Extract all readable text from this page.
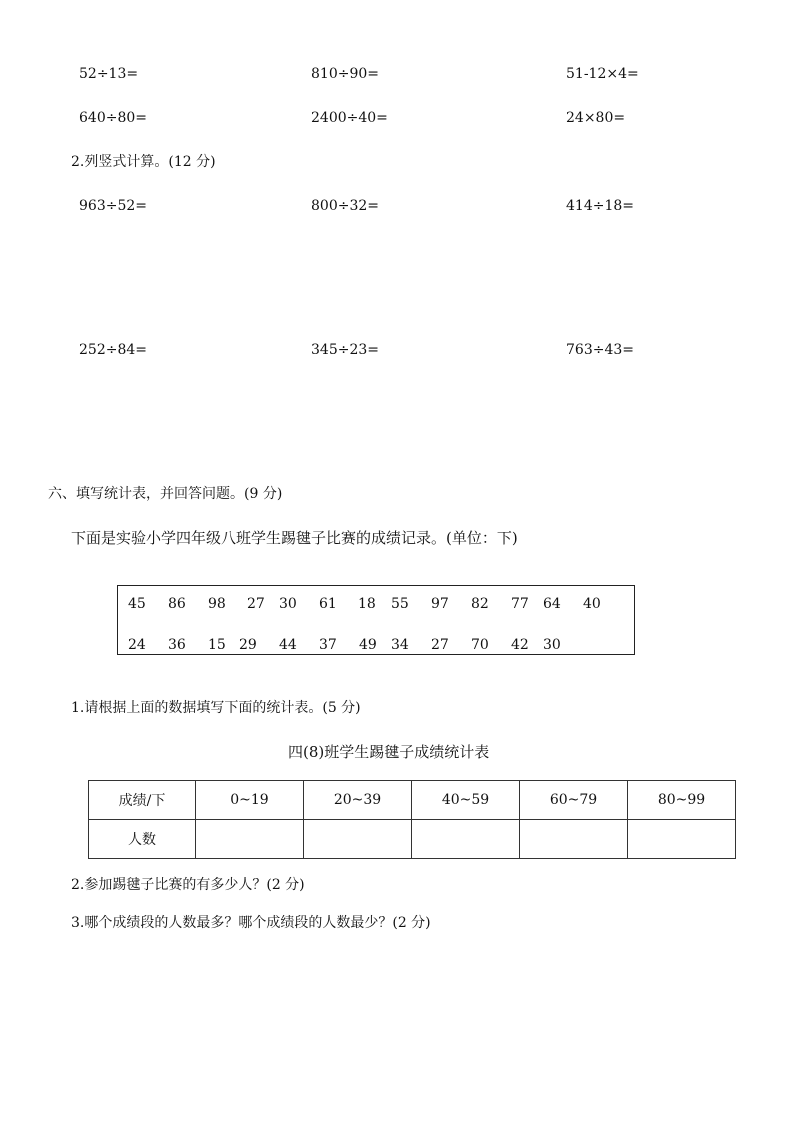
52÷13=	810÷90=	51-12×4=
640÷80=	2400÷40=	24×80=
2.列竖式计算。(12 分)
963÷52=	800÷32=	414÷18=
252÷84=	345÷23=	763÷43=
六、填写统计表，并回答问题。(9 分)
下面是实验小学四年级八班学生踢毽子比赛的成绩记录。(单位：下)
45 86 98 27 30 61 18 55 97 82 77 64 40
24 36 15 29 44 37 49 34 27 70 42 30
1.请根据上面的数据填写下面的统计表。(5 分)
四(8)班学生踢毽子成绩统计表
成绩/下	0~19	20~39	40~59	60~79	80~99
人数					
2.参加踢毽子比赛的有多少人？(2 分)
3.哪个成绩段的人数最多？哪个成绩段的人数最少？(2 分)
